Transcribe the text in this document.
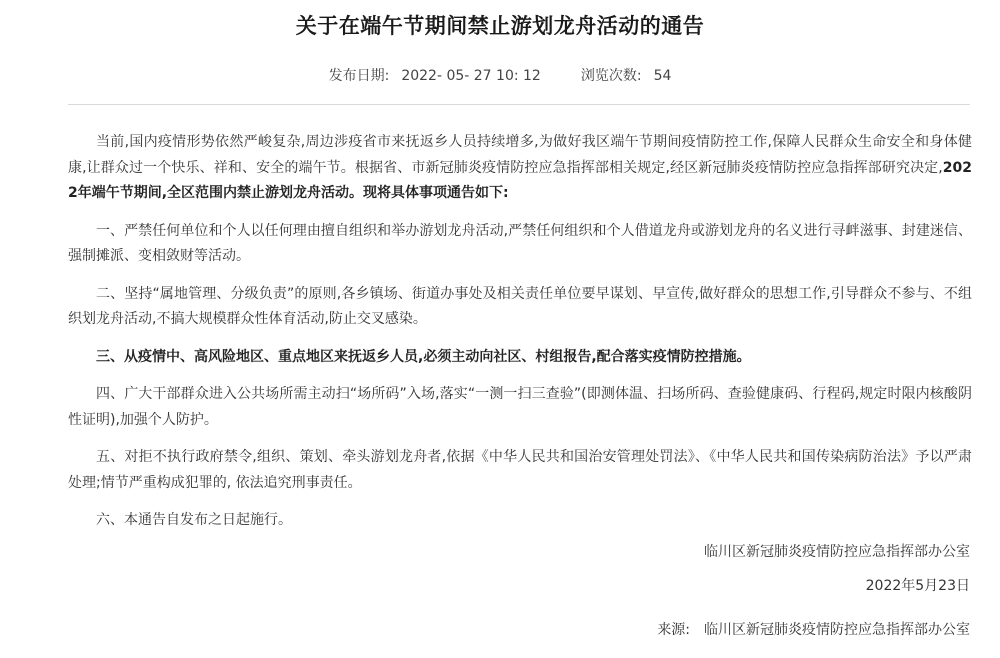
关于在端午节期间禁止游划龙舟活动的通告
发布日期: 2022- 05- 27 10: 12	浏览次数: 54

当前,国内疫情形势依然严峻复杂,周边涉疫省市来抚返乡人员持续增多,为做好我区端午节期间疫情防控工作,保障人民群众生命安全和身体健康,让群众过一个快乐、祥和、安全的端午节。根据省、市新冠肺炎疫情防控应急指挥部相关规定,经区新冠肺炎疫情防控应急指挥部研究决定,2022年端午节期间,全区范围内禁止游划龙舟活动。现将具体事项通告如下:

一、严禁任何单位和个人以任何理由擅自组织和举办游划龙舟活动,严禁任何组织和个人借道龙舟或游划龙舟的名义进行寻衅滋事、封建迷信、强制摊派、变相敛财等活动。

二、坚持“属地管理、分级负责”的原则,各乡镇场、街道办事处及相关责任单位要早谋划、早宣传,做好群众的思想工作,引导群众不参与、不组织划龙舟活动,不搞大规模群众性体育活动,防止交叉感染。

三、从疫情中、高风险地区、重点地区来抚返乡人员,必须主动向社区、村组报告,配合落实疫情防控措施。

四、广大干部群众进入公共场所需主动扫“场所码”入场,落实“一测一扫三查验”(即测体温、扫场所码、查验健康码、行程码,规定时限内核酸阴性证明),加强个人防护。

五、对拒不执行政府禁令,组织、策划、牵头游划龙舟者,依据《中华人民共和国治安管理处罚法》、《中华人民共和国传染病防治法》予以严肃处理;情节严重构成犯罪的, 依法追究刑事责任。

六、本通告自发布之日起施行。

临川区新冠肺炎疫情防控应急指挥部办公室
2022年5月23日
来源: 临川区新冠肺炎疫情防控应急指挥部办公室
